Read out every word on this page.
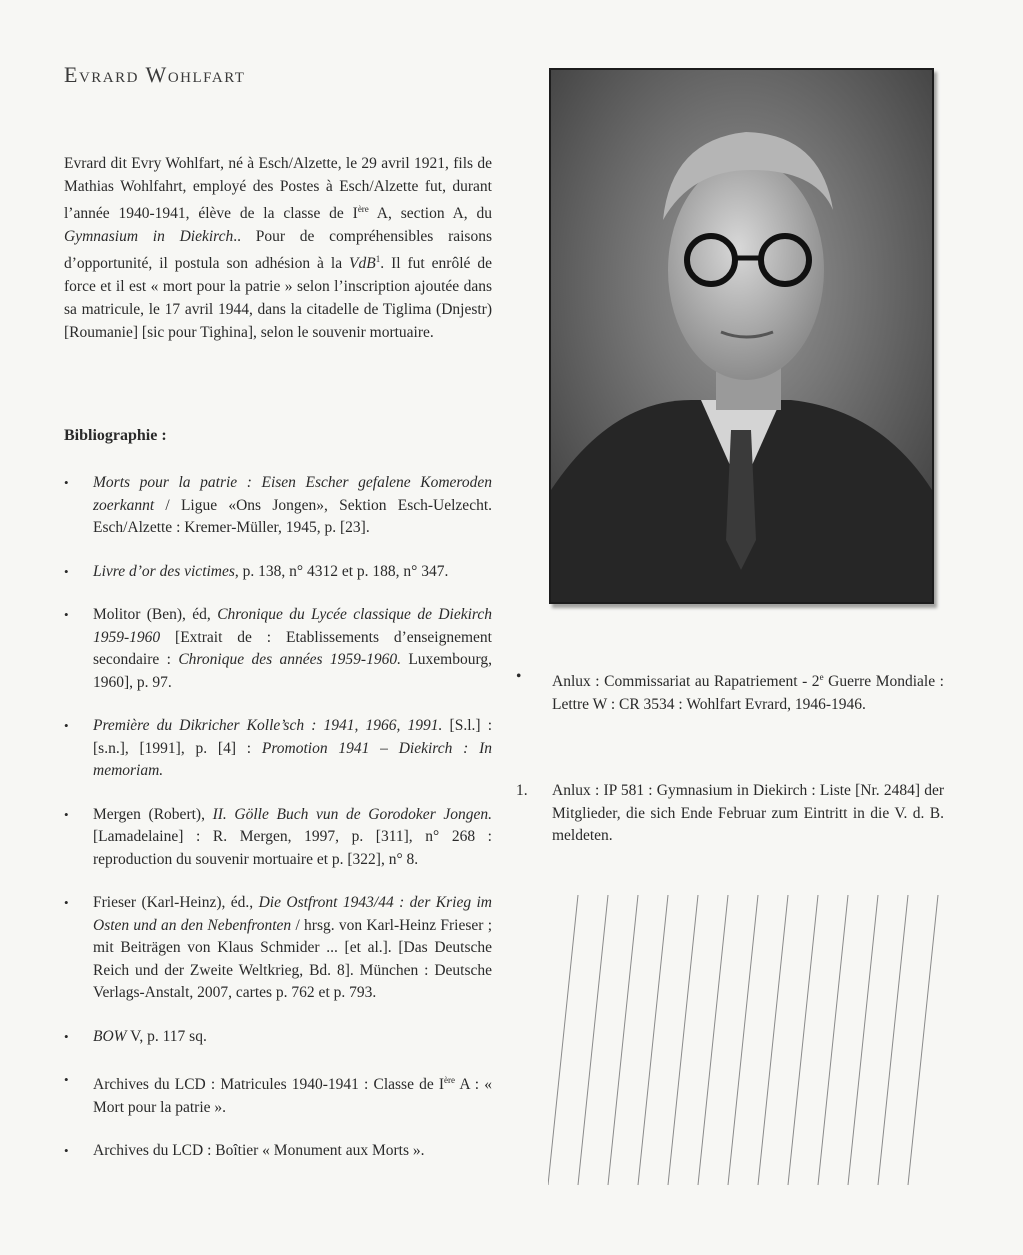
Evrard Wohlfart
Evrard dit Evry Wohlfart, né à Esch/Alzette, le 29 avril 1921, fils de Mathias Wohlfahrt, employé des Postes à Esch/Alzette fut, durant l’année 1940-1941, élève de la classe de Ière A, section A, du Gymnasium in Diekirch.. Pour de compréhensibles raisons d’opportunité, il postula son adhésion à la VdB$^1$. Il fut enrôlé de force et il est « mort pour la patrie » selon l’inscription ajoutée dans sa matricule, le 17 avril 1944, dans la citadelle de Tiglima (Dnjestr) [Roumanie] [sic pour Tighina], selon le souvenir mortuaire.
Bibliographie :
• Morts pour la patrie : Eisen Escher gefalene Komeroden zoerkannt / Ligue «Ons Jongen», Sektion Esch-Uelzecht. Esch/Alzette : Kremer-Müller, 1945, p. [23].
• Livre d’or des victimes, p. 138, n° 4312 et p. 188, n° 347.
• Molitor (Ben), éd, Chronique du Lycée classique de Diekirch 1959-1960 [Extrait de : Etablissements d’enseignement secondaire : Chronique des années 1959-1960. Luxembourg, 1960], p. 97.
• Première du Dikricher Kolle’sch : 1941, 1966, 1991. [S.l.] : [s.n.], [1991], p. [4] : Promotion 1941 – Diekirch : In memoriam.
• Mergen (Robert), II. Gölle Buch vun de Gorodoker Jongen. [Lamadelaine] : R. Mergen, 1997, p. [311], n° 268 : reproduction du souvenir mortuaire et p. [322], n° 8.
• Frieser (Karl-Heinz), éd., Die Ostfront 1943/44 : der Krieg im Osten und an den Nebenfronten / hrsg. von Karl-Heinz Frieser ; mit Beiträgen von Klaus Schmider ... [et al.]. [Das Deutsche Reich und der Zweite Weltkrieg, Bd. 8]. München : Deutsche Verlags-Anstalt, 2007, cartes p. 762 et p. 793.
• BOW V, p. 117 sq.
• Archives du LCD : Matricules 1940-1941 : Classe de Ière A : « Mort pour la patrie ».
• Archives du LCD : Boîtier « Monument aux Morts ».
• Anlux : Commissariat au Rapatriement - 2e Guerre Mondiale : Lettre W : CR 3534 : Wohlfart Evrard, 1946-1946.
1. Anlux : IP 581 : Gymnasium in Diekirch : Liste [Nr. 2484] der Mitglieder, die sich Ende Februar zum Eintritt in die V. d. B. meldeten.
